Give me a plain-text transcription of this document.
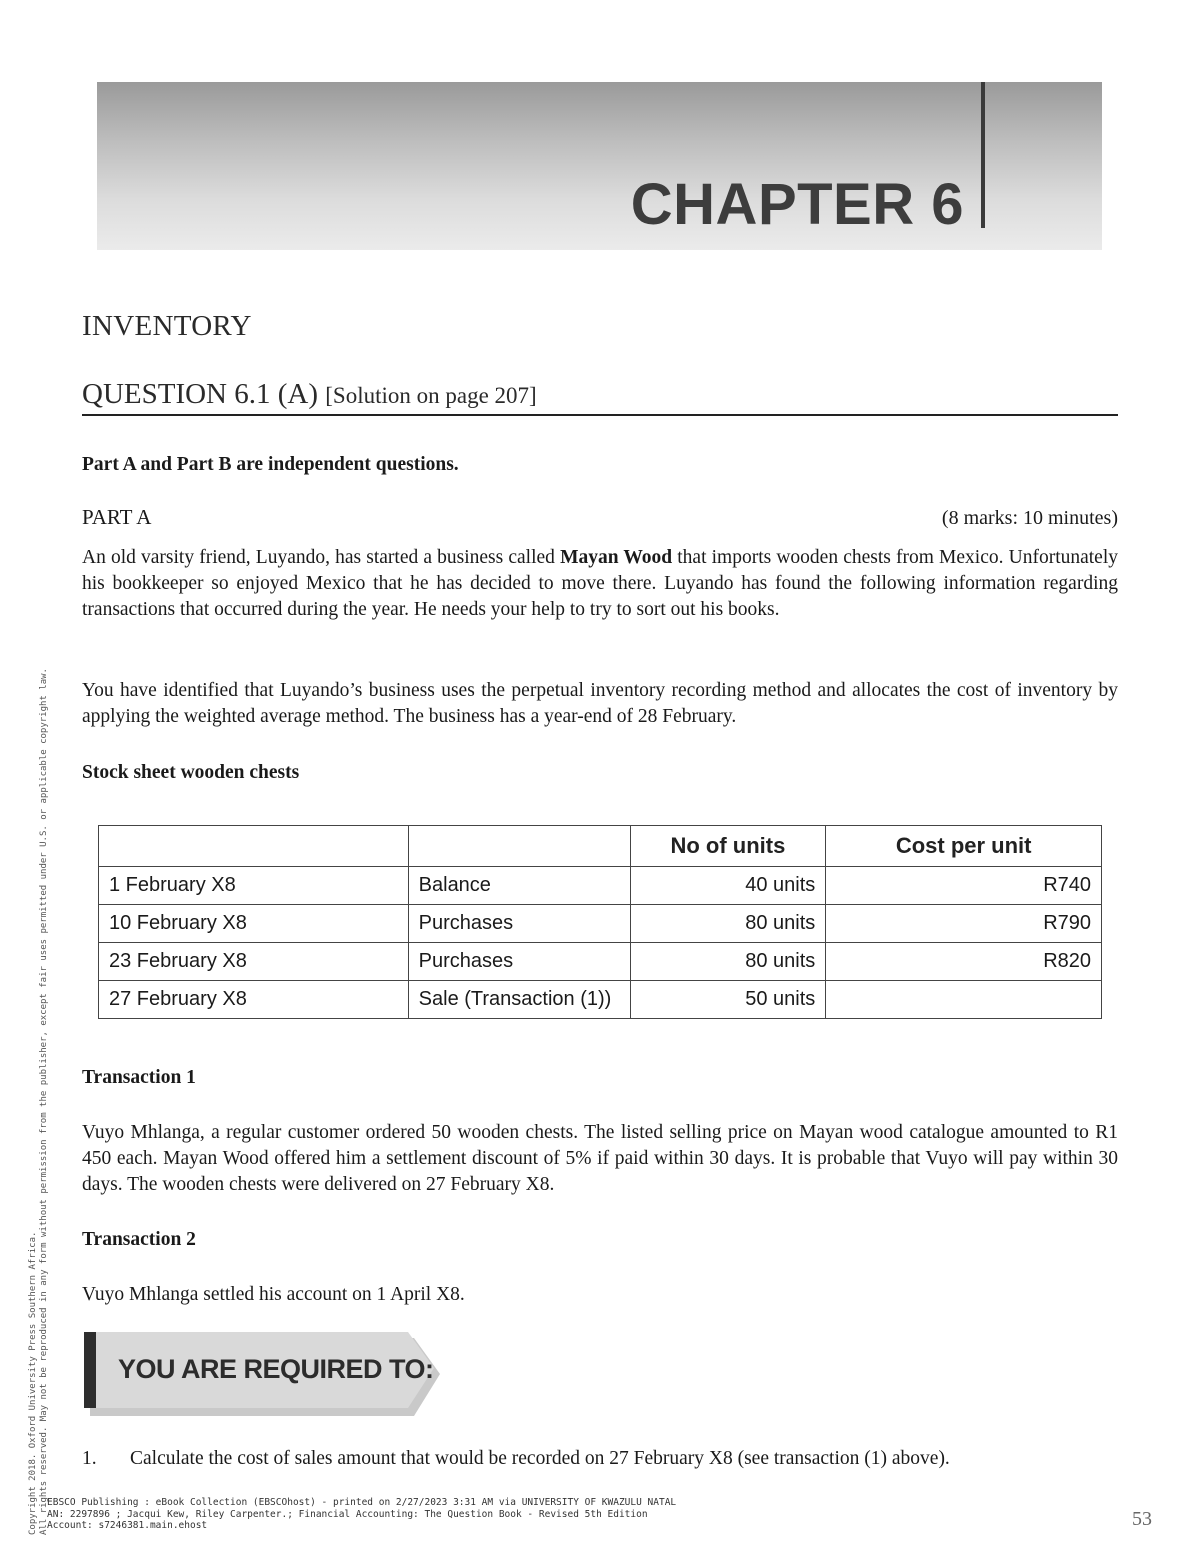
CHAPTER 6
Copyright 2018. Oxford University Press Southern Africa. All rights reserved. May not be reproduced in any form without permission from the publisher, except fair uses permitted under U.S. or applicable copyright law.
INVENTORY
QUESTION 6.1 (A) [Solution on page 207]

Part A and Part B are independent questions.

PART A	(8 marks: 10 minutes)

An old varsity friend, Luyando, has started a business called Mayan Wood that imports wooden chests from Mexico. Unfortunately his bookkeeper so enjoyed Mexico that he has decided to move there. Luyando has found the following information regarding transactions that occurred during the year. He needs your help to try to sort out his books.

You have identified that Luyando’s business uses the perpetual inventory recording method and allocates the cost of inventory by applying the weighted average method. The business has a year-end of 28 February.

Stock sheet wooden chests

		No of units	Cost per unit
1 February X8	Balance	40 units	R740
10 February X8	Purchases	80 units	R790
23 February X8	Purchases	80 units	R820
27 February X8	Sale (Transaction (1))	50 units	

Transaction 1

Vuyo Mhlanga, a regular customer ordered 50 wooden chests. The listed selling price on Mayan wood catalogue amounted to R1 450 each. Mayan Wood offered him a settlement discount of 5% if paid within 30 days. It is probable that Vuyo will pay within 30 days. The wooden chests were delivered on 27 February X8.

Transaction 2

Vuyo Mhlanga settled his account on 1 April X8.

YOU ARE REQUIRED TO:
1. Calculate the cost of sales amount that would be recorded on 27 February X8 (see transaction (1) above).
EBSCO Publishing : eBook Collection (EBSCOhost) - printed on 2/27/2023 3:31 AM via UNIVERSITY OF KWAZULU NATAL
AN: 2297896 ; Jacqui Kew, Riley Carpenter.; Financial Accounting: The Question Book - Revised 5th Edition
Account: s7246381.main.ehost	53
